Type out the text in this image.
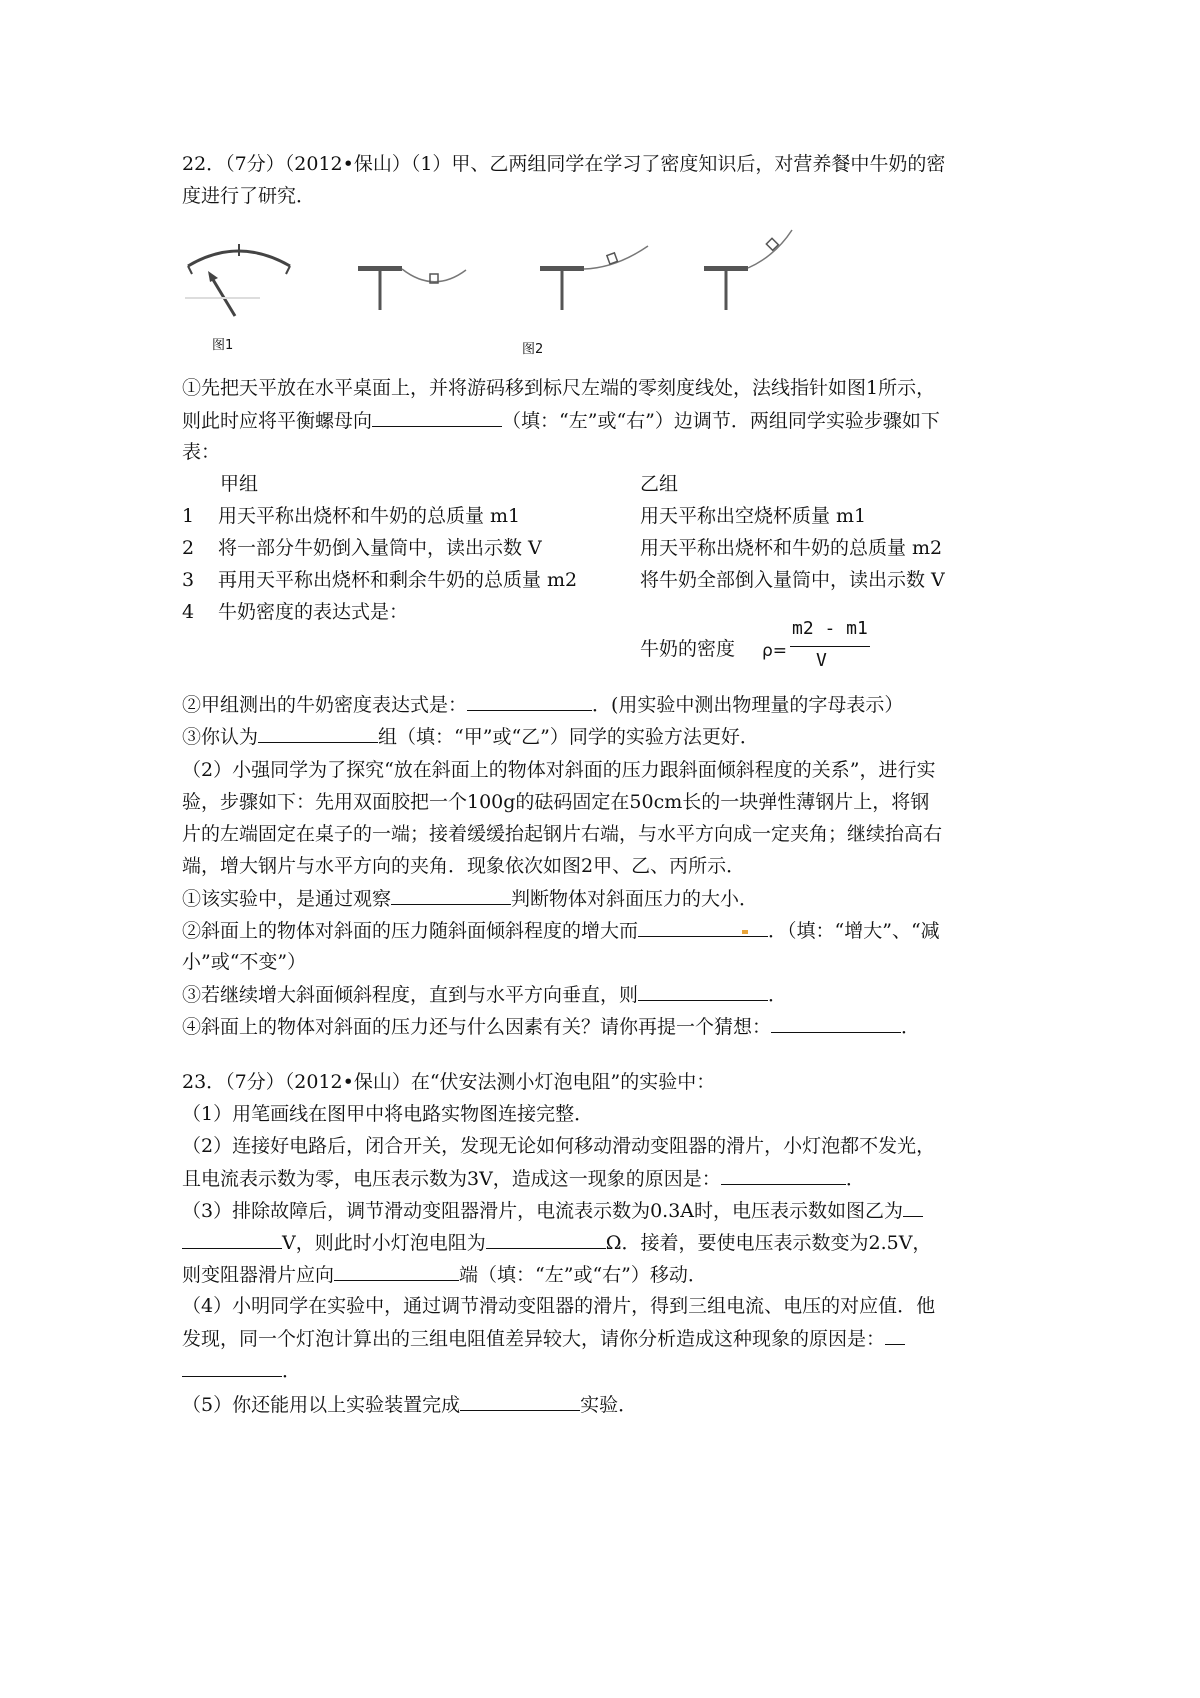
22．（7分）（2012•保山）（1）甲、乙两组同学在学习了密度知识后，对营养餐中牛奶的密
度进行了研究．
图1	图2
①先把天平放在水平桌面上，并将游码移到标尺左端的零刻度线处，法线指针如图1所示，
则此时应将平衡螺母向	（填：“左”或“右”）边调节．两组同学实验步骤如下
表：
甲组	乙组
1 用天平称出烧杯和牛奶的总质量 m1	用天平称出空烧杯质量 m1
2 将一部分牛奶倒入量筒中，读出示数 V	用天平称出烧杯和牛奶的总质量 m2
3 再用天平称出烧杯和剩余牛奶的总质量 m2	将牛奶全部倒入量筒中，读出示数 V
4 牛奶密度的表达式是：
牛奶的密度 ρ=
m2 - m1
V
②甲组测出的牛奶密度表达式是：	．(用实验中测出物理量的字母表示）
③你认为	组（填：“甲”或“乙”）同学的实验方法更好．
（2）小强同学为了探究“放在斜面上的物体对斜面的压力跟斜面倾斜程度的关系”，进行实
验，步骤如下：先用双面胶把一个100g的砝码固定在50cm长的一块弹性薄钢片上，将钢
片的左端固定在桌子的一端；接着缓缓抬起钢片右端，与水平方向成一定夹角；继续抬高右
端，增大钢片与水平方向的夹角．现象依次如图2甲、乙、丙所示．
①该实验中，是通过观察	判断物体对斜面压力的大小．
②斜面上的物体对斜面的压力随斜面倾斜程度的增大而	．（填：“增大”、“减
小”或“不变”）
③若继续增大斜面倾斜程度，直到与水平方向垂直，则	．
④斜面上的物体对斜面的压力还与什么因素有关？请你再提一个猜想：	．
23．（7分）（2012•保山）在“伏安法测小灯泡电阻”的实验中：
（1）用笔画线在图甲中将电路实物图连接完整．
（2）连接好电路后，闭合开关，发现无论如何移动滑动变阻器的滑片，小灯泡都不发光，
且电流表示数为零，电压表示数为3V，造成这一现象的原因是：	．
（3）排除故障后，调节滑动变阻器滑片，电流表示数为0.3A时，电压表示数如图乙为
V，则此时小灯泡电阻为	Ω．接着，要使电压表示数变为2.5V，
则变阻器滑片应向	端（填：“左”或“右”）移动．
（4）小明同学在实验中，通过调节滑动变阻器的滑片，得到三组电流、电压的对应值．他
发现，同一个灯泡计算出的三组电阻值差异较大，请你分析造成这种现象的原因是：
．
（5）你还能用以上实验装置完成	实验．
